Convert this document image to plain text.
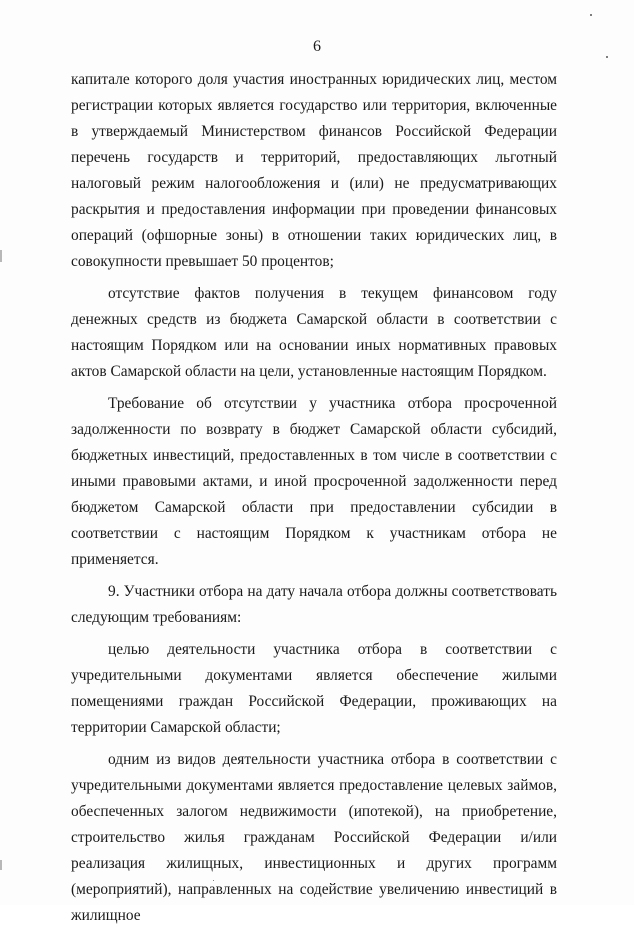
6

капитале которого доля участия иностранных юридических лиц, местом регистрации которых является государство или территория, включенные в утверждаемый Министерством финансов Российской Федерации перечень государств и территорий, предоставляющих льготный налоговый режим налогообложения и (или) не предусматривающих раскрытия и предоставления информации при проведении финансовых операций (офшорные зоны) в отношении таких юридических лиц, в совокупности превышает 50 процентов;

отсутствие фактов получения в текущем финансовом году денежных средств из бюджета Самарской области в соответствии с настоящим Порядком или на основании иных нормативных правовых актов Самарской области на цели, установленные настоящим Порядком.

Требование об отсутствии у участника отбора просроченной задолженности по возврату в бюджет Самарской области субсидий, бюджетных инвестиций, предоставленных в том числе в соответствии с иными правовыми актами, и иной просроченной задолженности перед бюджетом Самарской области при предоставлении субсидии в соответствии с настоящим Порядком к участникам отбора не применяется.

9. Участники отбора на дату начала отбора должны соответствовать следующим требованиям:

целью деятельности участника отбора в соответствии с учредительными документами является обеспечение жилыми помещениями граждан Российской Федерации, проживающих на территории Самарской области;

одним из видов деятельности участника отбора в соответствии с учредительными документами является предоставление целевых займов, обеспеченных залогом недвижимости (ипотекой), на приобретение, строительство жилья гражданам Российской Федерации и/или реализация жилищных, инвестиционных и других программ (мероприятий), направленных на содействие увеличению инвестиций в жилищное
